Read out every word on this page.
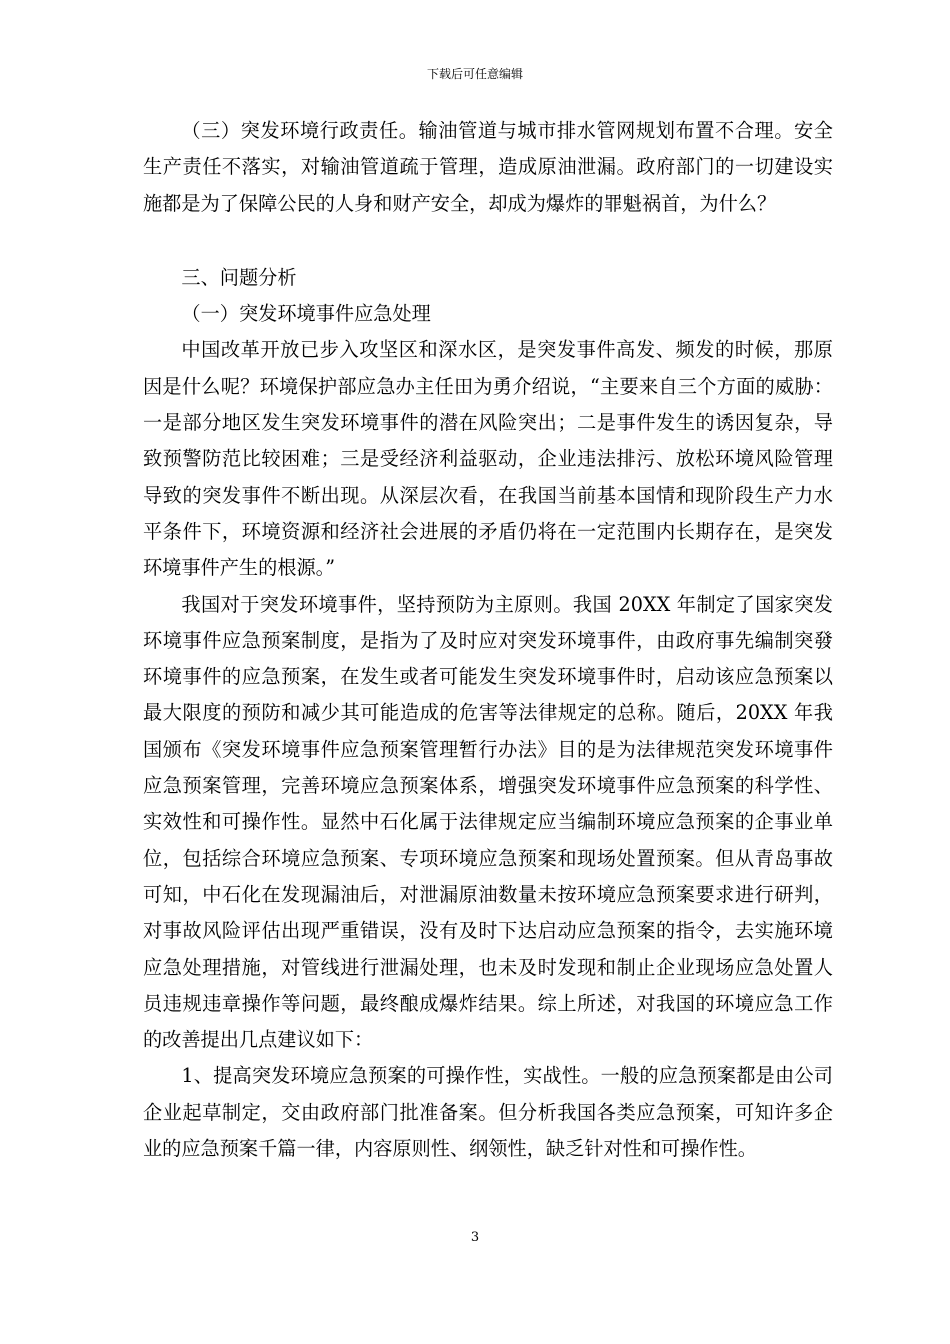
下载后可任意编辑

（三）突发环境行政责任。输油管道与城市排水管网规划布置不合理。安全生产责任不落实，对输油管道疏于管理，造成原油泄漏。政府部门的一切建设实施都是为了保障公民的人身和财产安全，却成为爆炸的罪魁祸首，为什么？

三、问题分析

（一）突发环境事件应急处理

中国改革开放已步入攻坚区和深水区，是突发事件高发、频发的时候，那原因是什么呢？环境保护部应急办主任田为勇介绍说，“主要来自三个方面的威胁：一是部分地区发生突发环境事件的潜在风险突出；二是事件发生的诱因复杂，导致预警防范比较困难；三是受经济利益驱动，企业违法排污、放松环境风险管理导致的突发事件不断出现。从深层次看，在我国当前基本国情和现阶段生产力水平条件下，环境资源和经济社会进展的矛盾仍将在一定范围内长期存在，是突发环境事件产生的根源。”

我国对于突发环境事件，坚持预防为主原则。我国 20XX 年制定了国家突发环境事件应急预案制度，是指为了及时应对突发环境事件，由政府事先编制突發环境事件的应急预案，在发生或者可能发生突发环境事件时，启动该应急预案以最大限度的预防和减少其可能造成的危害等法律规定的总称。随后，20XX 年我国颁布《突发环境事件应急预案管理暂行办法》目的是为法律规范突发环境事件应急预案管理，完善环境应急预案体系，增强突发环境事件应急预案的科学性、实效性和可操作性。显然中石化属于法律规定应当编制环境应急预案的企事业单位，包括综合环境应急预案、专项环境应急预案和现场处置预案。但从青岛事故可知，中石化在发现漏油后，对泄漏原油数量未按环境应急预案要求进行研判，对事故风险评估出现严重错误，没有及时下达启动应急预案的指令，去实施环境应急处理措施，对管线进行泄漏处理，也未及时发现和制止企业现场应急处置人员违规违章操作等问题，最终酿成爆炸结果。综上所述，对我国的环境应急工作的改善提出几点建议如下：

1、提高突发环境应急预案的可操作性，实战性。一般的应急预案都是由公司企业起草制定，交由政府部门批准备案。但分析我国各类应急预案，可知许多企业的应急预案千篇一律，内容原则性、纲领性，缺乏针对性和可操作性。

3
